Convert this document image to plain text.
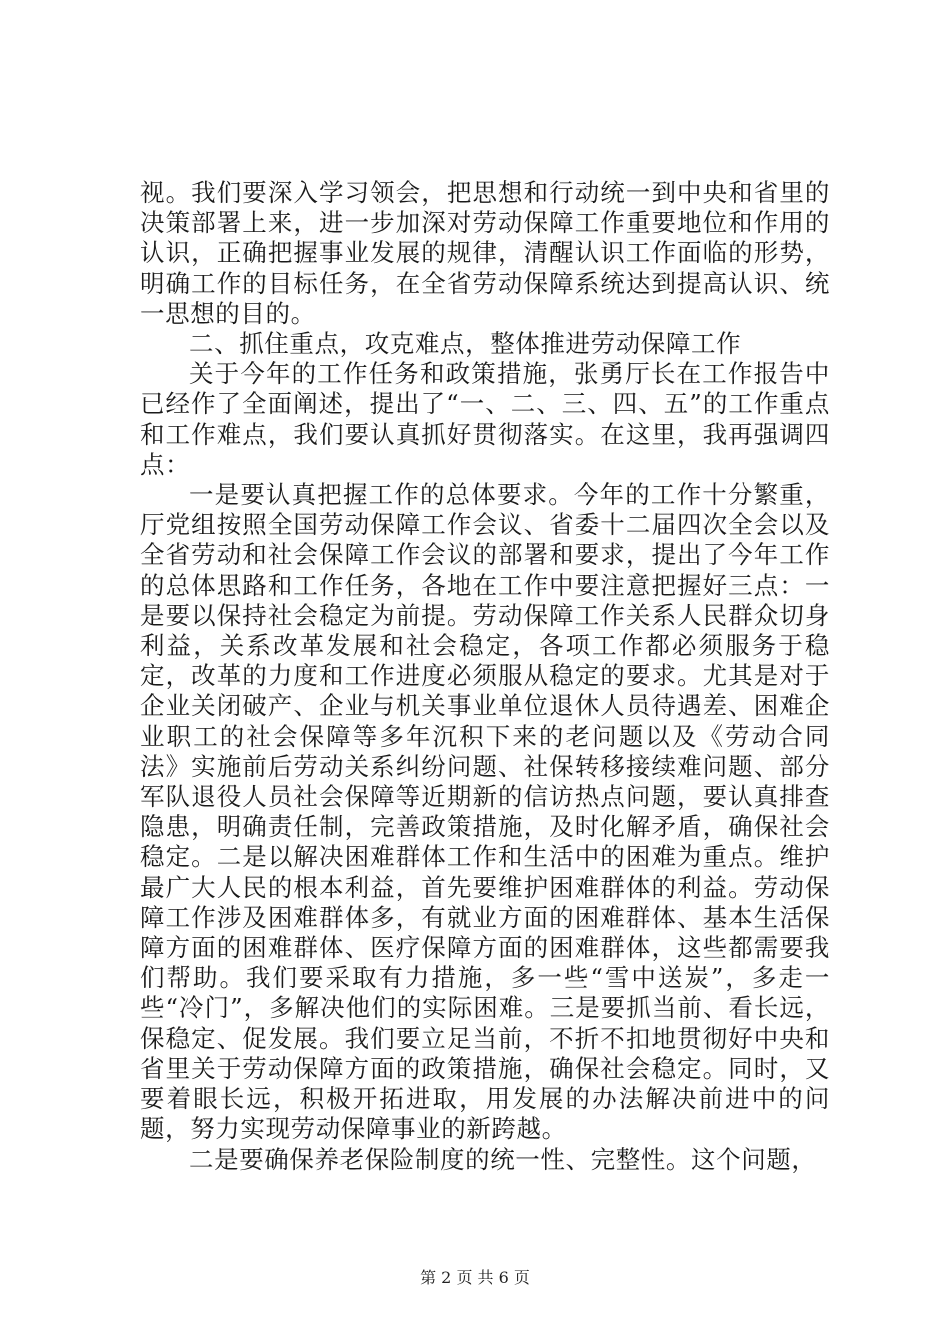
视。我们要深入学习领会，把思想和行动统一到中央和省里的决策部署上来，进一步加深对劳动保障工作重要地位和作用的认识，正确把握事业发展的规律，清醒认识工作面临的形势，明确工作的目标任务，在全省劳动保障系统达到提高认识、统一思想的目的。

二、抓住重点，攻克难点，整体推进劳动保障工作

关于今年的工作任务和政策措施，张勇厅长在工作报告中已经作了全面阐述，提出了“一、二、三、四、五”的工作重点和工作难点，我们要认真抓好贯彻落实。在这里，我再强调四点：

一是要认真把握工作的总体要求。今年的工作十分繁重，厅党组按照全国劳动保障工作会议、省委十二届四次全会以及全省劳动和社会保障工作会议的部署和要求，提出了今年工作的总体思路和工作任务，各地在工作中要注意把握好三点：一是要以保持社会稳定为前提。劳动保障工作关系人民群众切身利益，关系改革发展和社会稳定，各项工作都必须服务于稳定，改革的力度和工作进度必须服从稳定的要求。尤其是对于企业关闭破产、企业与机关事业单位退休人员待遇差、困难企业职工的社会保障等多年沉积下来的老问题以及《劳动合同法》实施前后劳动关系纠纷问题、社保转移接续难问题、部分军队退役人员社会保障等近期新的信访热点问题，要认真排查隐患，明确责任制，完善政策措施，及时化解矛盾，确保社会稳定。二是以解决困难群体工作和生活中的困难为重点。维护最广大人民的根本利益，首先要维护困难群体的利益。劳动保障工作涉及困难群体多，有就业方面的困难群体、基本生活保障方面的困难群体、医疗保障方面的困难群体，这些都需要我们帮助。我们要采取有力措施，多一些“雪中送炭”，多走一些“冷门”，多解决他们的实际困难。三是要抓当前、看长远，保稳定、促发展。我们要立足当前，不折不扣地贯彻好中央和省里关于劳动保障方面的政策措施，确保社会稳定。同时，又要着眼长远，积极开拓进取，用发展的办法解决前进中的问题，努力实现劳动保障事业的新跨越。

二是要确保养老保险制度的统一性、完整性。这个问题，

第 2 页 共 6 页
